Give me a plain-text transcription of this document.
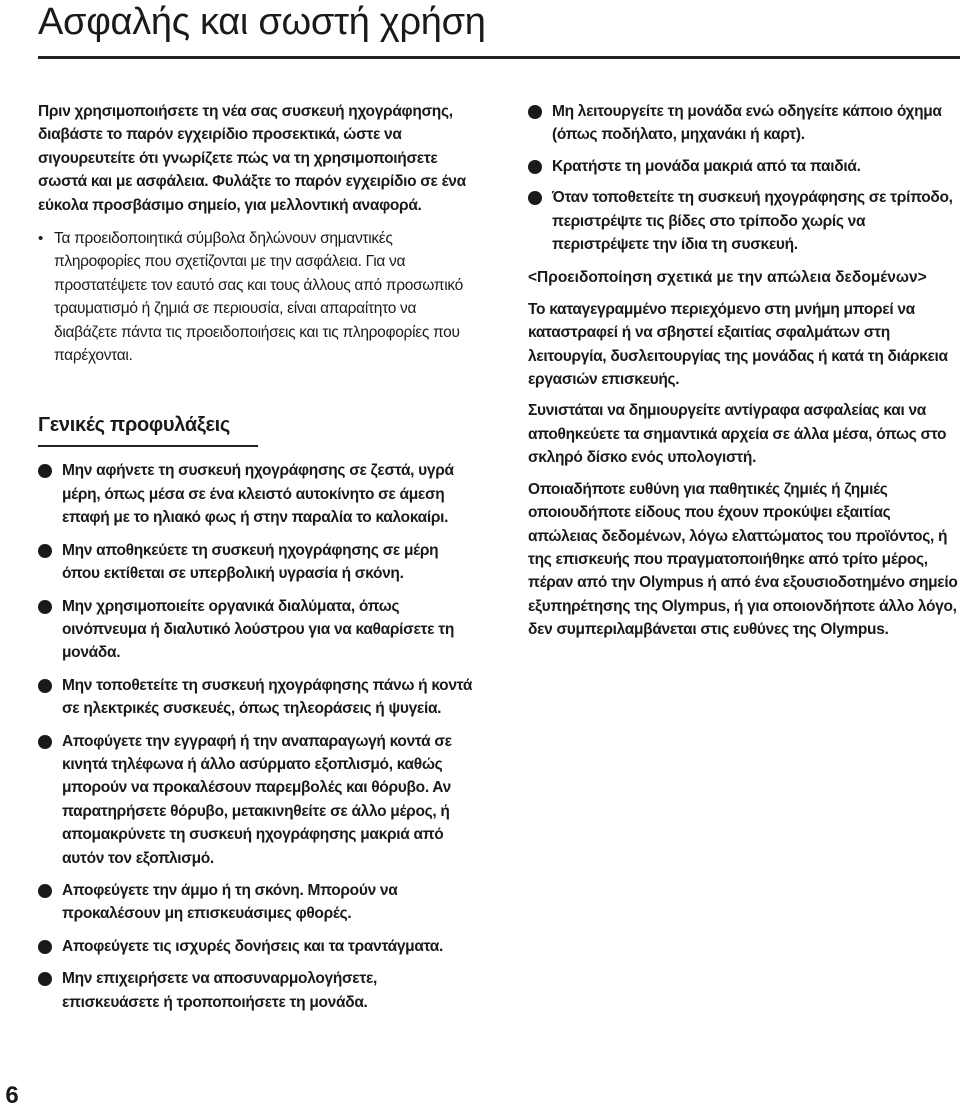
Ασφαλής και σωστή χρήση

Πριν χρησιμοποιήσετε τη νέα σας συσκευή ηχογράφησης, διαβάστε το παρόν εγχειρίδιο προσεκτικά, ώστε να σιγουρευτείτε ότι γνωρίζετε πώς να τη χρησιμοποιήσετε σωστά και με ασφάλεια. Φυλάξτε το παρόν εγχειρίδιο σε ένα εύκολα προσβάσιμο σημείο, για μελλοντική αναφορά.

• Τα προειδοποιητικά σύμβολα δηλώνουν σημαντικές πληροφορίες που σχετίζονται με την ασφάλεια. Για να προστατέψετε τον εαυτό σας και τους άλλους από προσωπικό τραυματισμό ή ζημιά σε περιουσία, είναι απαραίτητο να διαβάζετε πάντα τις προειδοποιήσεις και τις πληροφορίες που παρέχονται.

Γενικές προφυλάξεις

Μην αφήνετε τη συσκευή ηχογράφησης σε ζεστά, υγρά μέρη, όπως μέσα σε ένα κλειστό αυτοκίνητο σε άμεση επαφή με το ηλιακό φως ή στην παραλία το καλοκαίρι.

Μην αποθηκεύετε τη συσκευή ηχογράφησης σε μέρη όπου εκτίθεται σε υπερβολική υγρασία ή σκόνη.

Μην χρησιμοποιείτε οργανικά διαλύματα, όπως οινόπνευμα ή διαλυτικό λούστρου για να καθαρίσετε τη μονάδα.

Μην τοποθετείτε τη συσκευή ηχογράφησης πάνω ή κοντά σε ηλεκτρικές συσκευές, όπως τηλεοράσεις ή ψυγεία.

Αποφύγετε την εγγραφή ή την αναπαραγωγή κοντά σε κινητά τηλέφωνα ή άλλο ασύρματο εξοπλισμό, καθώς μπορούν να προκαλέσουν παρεμβολές και θόρυβο. Αν παρατηρήσετε θόρυβο, μετακινηθείτε σε άλλο μέρος, ή απομακρύνετε τη συσκευή ηχογράφησης μακριά από αυτόν τον εξοπλισμό.

Αποφεύγετε την άμμο ή τη σκόνη. Μπορούν να προκαλέσουν μη επισκευάσιμες φθορές.

Αποφεύγετε τις ισχυρές δονήσεις και τα τραντάγματα.

Μην επιχειρήσετε να αποσυναρμολογήσετε, επισκευάσετε ή τροποποιήσετε τη μονάδα.

Μη λειτουργείτε τη μονάδα ενώ οδηγείτε κάποιο όχημα (όπως ποδήλατο, μηχανάκι ή καρτ).

Κρατήστε τη μονάδα μακριά από τα παιδιά.

Όταν τοποθετείτε τη συσκευή ηχογράφησης σε τρίποδο, περιστρέψτε τις βίδες στο τρίποδο χωρίς να περιστρέψετε την ίδια τη συσκευή.

<Προειδοποίηση σχετικά με την απώλεια δεδομένων>

Το καταγεγραμμένο περιεχόμενο στη μνήμη μπορεί να καταστραφεί ή να σβηστεί εξαιτίας σφαλμάτων στη λειτουργία, δυσλειτουργίας της μονάδας ή κατά τη διάρκεια εργασιών επισκευής.

Συνιστάται να δημιουργείτε αντίγραφα ασφαλείας και να αποθηκεύετε τα σημαντικά αρχεία σε άλλα μέσα, όπως στο σκληρό δίσκο ενός υπολογιστή.

Οποιαδήποτε ευθύνη για παθητικές ζημιές ή ζημιές οποιουδήποτε είδους που έχουν προκύψει εξαιτίας απώλειας δεδομένων, λόγω ελαττώματος του προϊόντος, ή της επισκευής που πραγματοποιήθηκε από τρίτο μέρος, πέραν από την Olympus ή από ένα εξουσιοδοτημένο σημείο εξυπηρέτησης της Olympus, ή για οποιονδήποτε άλλο λόγο, δεν συμπεριλαμβάνεται στις ευθύνες της Olympus.

6
